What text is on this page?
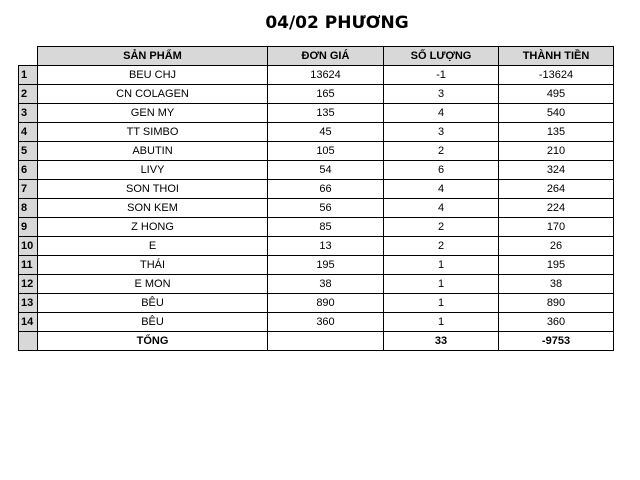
04/02 PHƯƠNG
	SẢN PHẨM	ĐƠN GIÁ	SỐ LƯỢNG	THÀNH TIỀN
1	BEU CHJ	13624	-1	-13624
2	CN COLAGEN	165	3	495
3	GEN MY	135	4	540
4	TT SIMBO	45	3	135
5	ABUTIN	105	2	210
6	LIVY	54	6	324
7	SON THOI	66	4	264
8	SON KEM	56	4	224
9	Z HONG	85	2	170
10	E	13	2	26
11	THÁI	195	1	195
12	E MON	38	1	38
13	BÊU	890	1	890
14	BÊU	360	1	360
	TỔNG		33	-9753
